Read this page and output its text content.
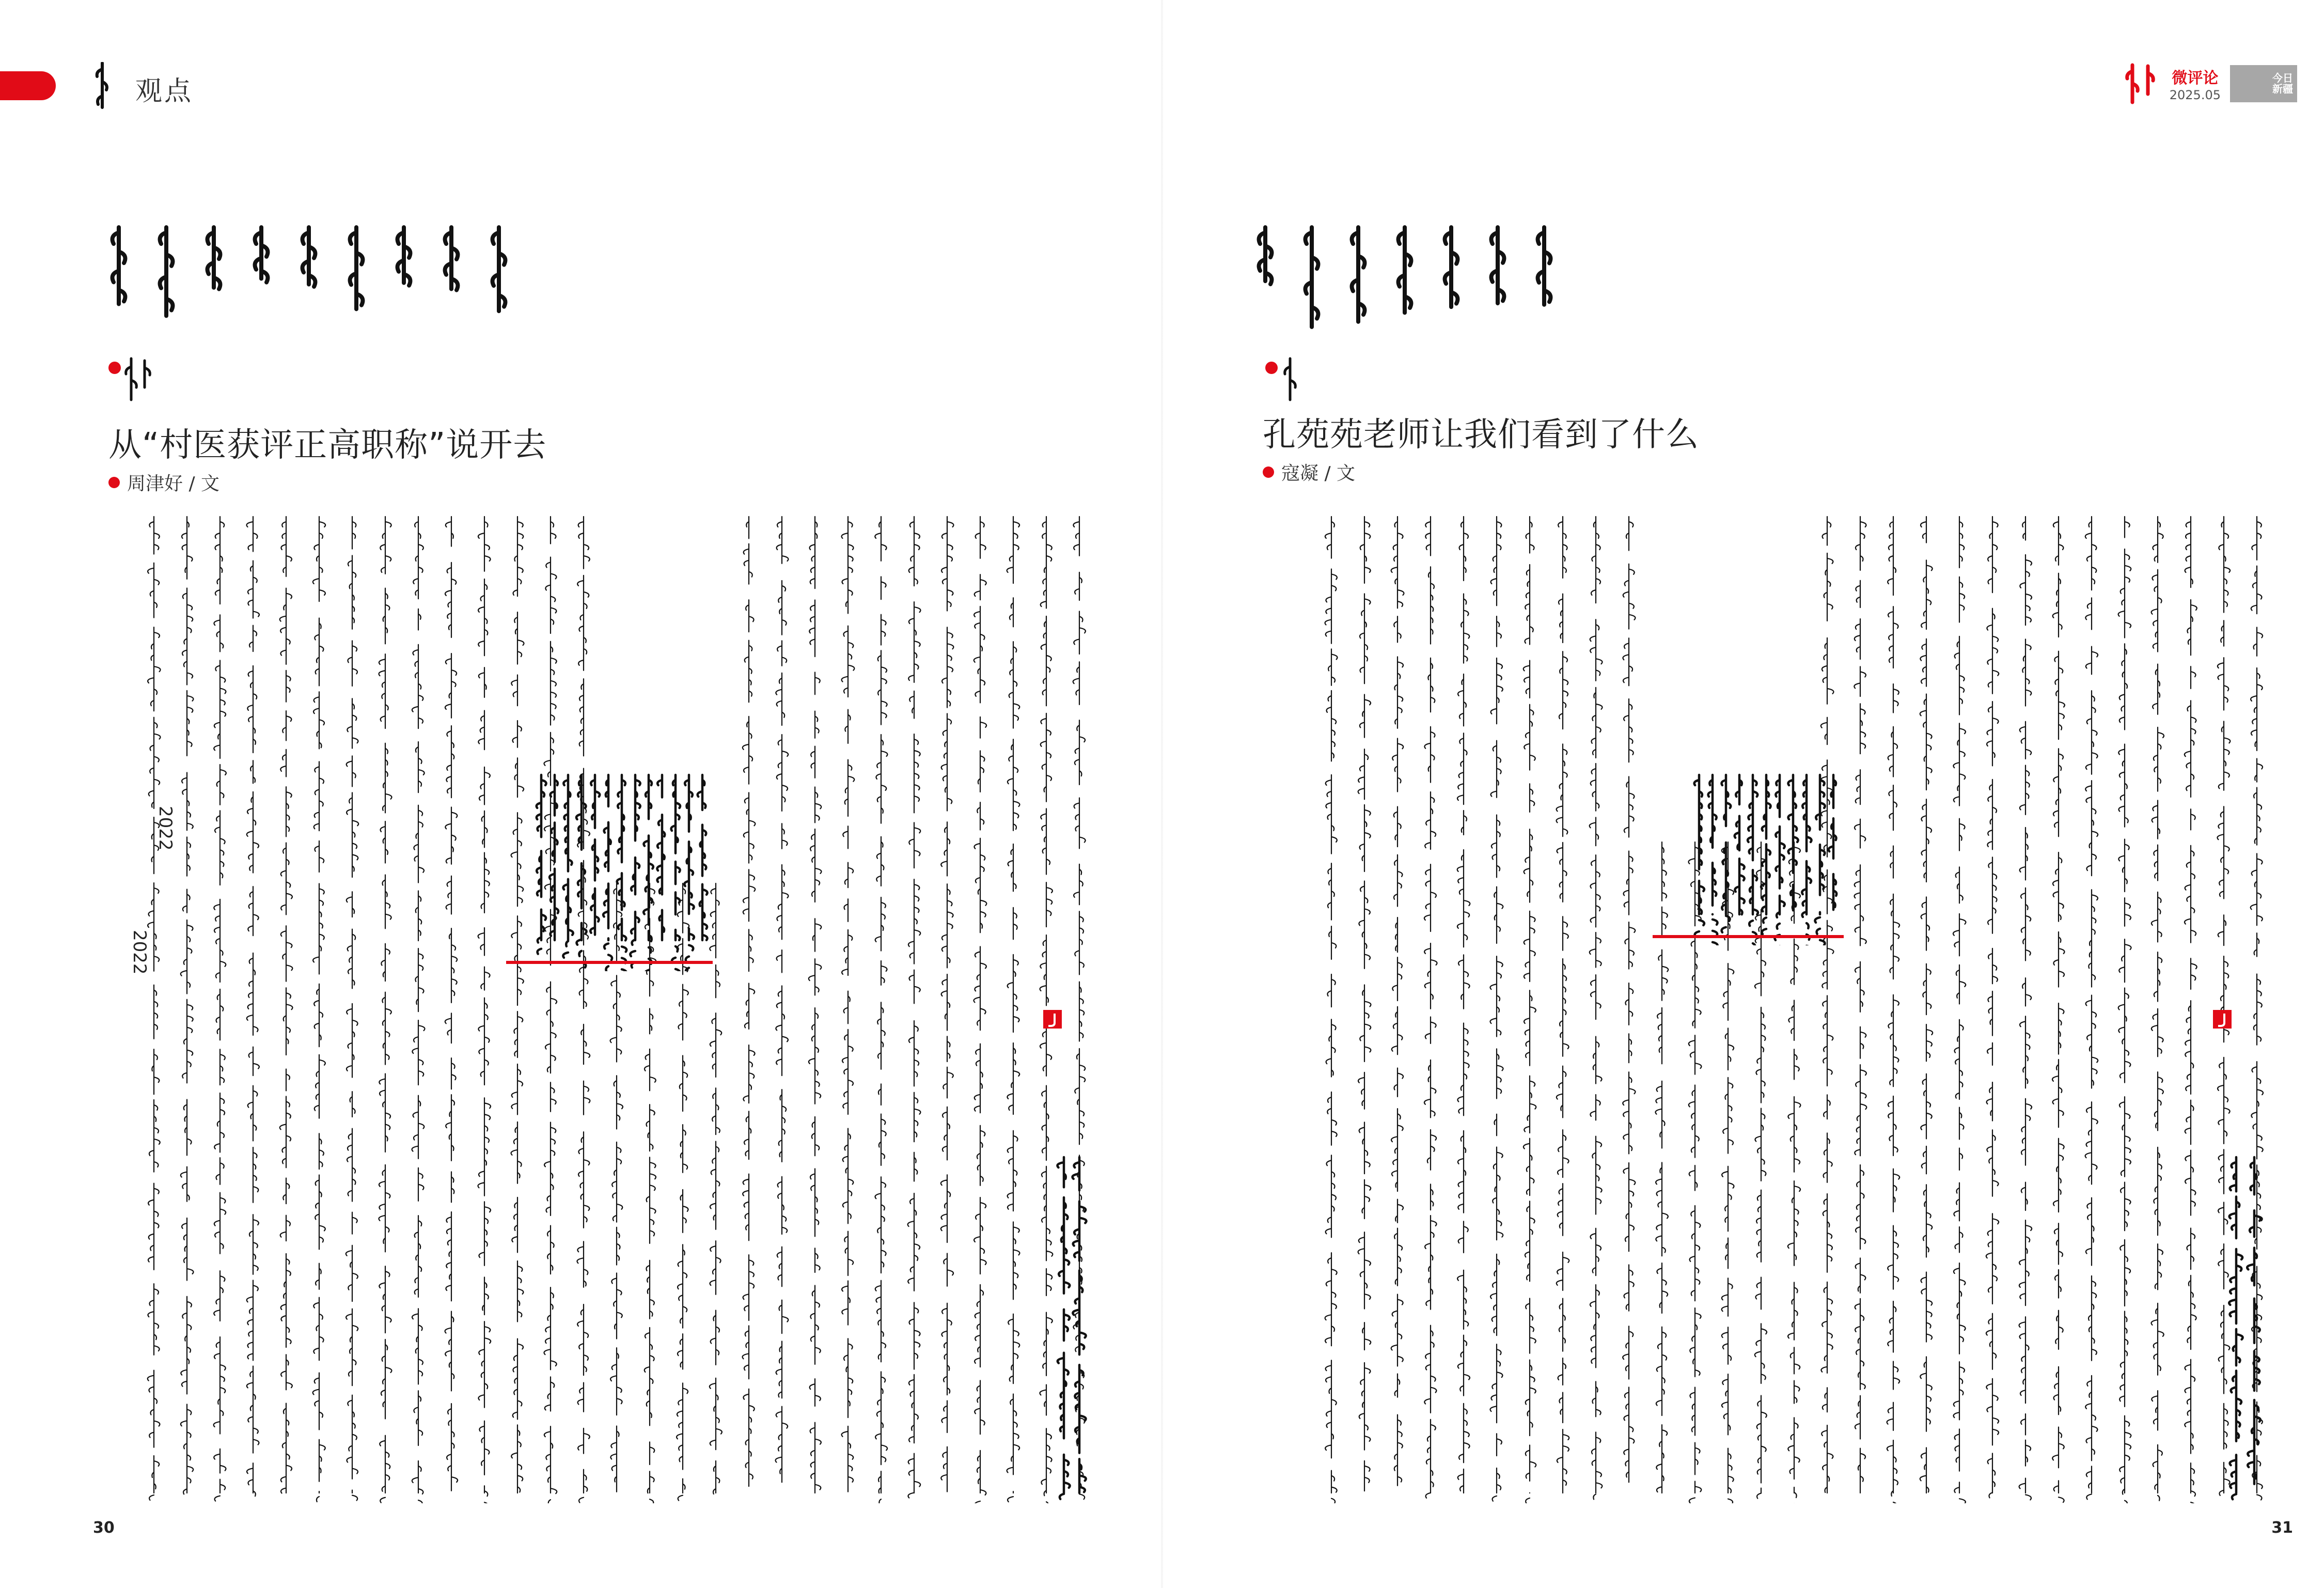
观点
从“村医获评正高职称”说开去
周津好 / 文
2022
2022
30
微评论
2025.05
今日
新疆
孔苑苑老师让我们看到了什么
寇凝 / 文
31
